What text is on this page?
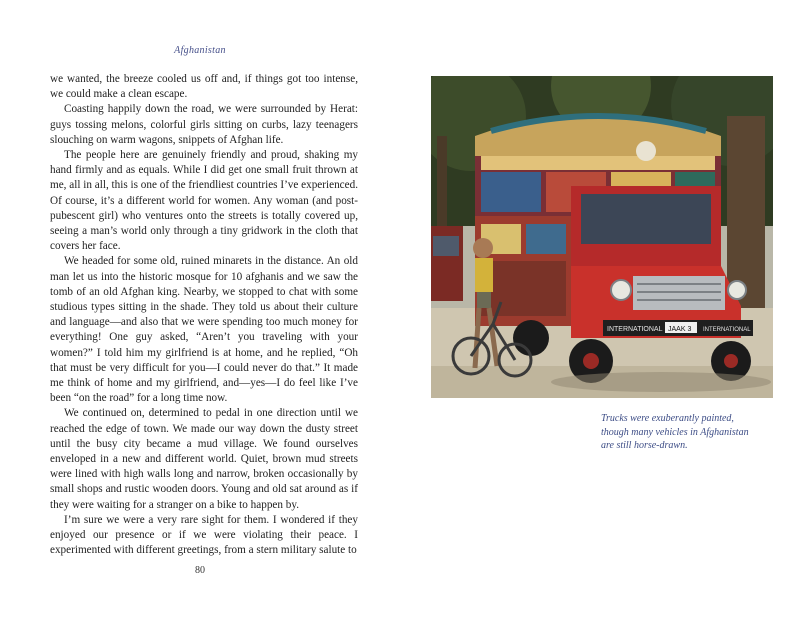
Afghanistan

we wanted, the breeze cooled us off and, if things got too intense, we could make a clean escape.

Coasting happily down the road, we were surrounded by Herat: guys tossing melons, colorful girls sitting on curbs, lazy teenagers slouching on warm wagons, snippets of Afghan life.

The people here are genuinely friendly and proud, shaking my hand firmly and as equals. While I did get one small fruit thrown at me, all in all, this is one of the friendliest countries I’ve experienced. Of course, it’s a different world for women. Any woman (and post-pubescent girl) who ventures onto the streets is totally covered up, seeing a man’s world only through a tiny gridwork in the cloth that covers her face.

We headed for some old, ruined minarets in the distance. An old man let us into the historic mosque for 10 afghanis and we saw the tomb of an old Afghan king. Nearby, we stopped to chat with some studious types sitting in the shade. They told us about their culture and language—and also that we were spending too much money for everything! One guy asked, “Aren’t you traveling with your women?” I told him my girlfriend is at home, and he replied, “Oh that must be very difficult for you—I could never do that.” It made me think of home and my girlfriend, and—yes—I do feel like I’ve been “on the road” for a long time now.

We continued on, determined to pedal in one direction until we reached the edge of town. We made our way down the dusty street until the busy city became a mud village. We found ourselves enveloped in a new and different world. Quiet, brown mud streets were lined with high walls long and narrow, broken occasionally by small shops and rustic wooden doors. Young and old sat around as if they were waiting for a stranger on a bike to happen by.

I’m sure we were a very rare sight for them. I wondered if they enjoyed our presence or if we were violating their peace. I experimented with different greetings, from a stern military salute to

80
INTERNATIONAL JAAK 3 INTERNATIONAL
Trucks were exuberantly painted,
though many vehicles in Afghanistan
are still horse-drawn.
